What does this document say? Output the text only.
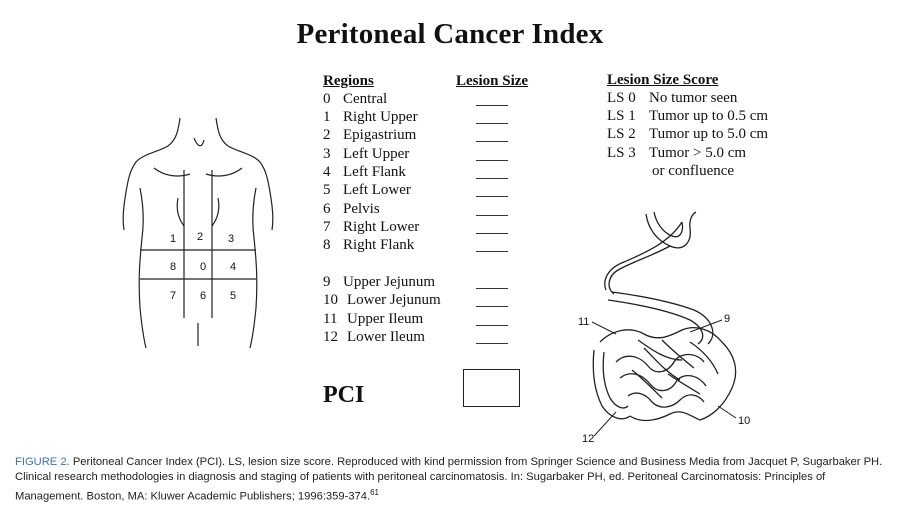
Peritoneal Cancer Index
Regions	Lesion Size	Lesion Size Score
0 Central
1 Right Upper
2 Epigastrium
3 Left Upper
4 Left Flank
5 Left Lower
6 Pelvis
7 Right Lower
8 Right Flank
9 Upper Jejunum
10 Lower Jejunum
11 Upper Ileum
12 Lower Ileum
LS 0 No tumor seen
LS 1 Tumor up to 0.5 cm
LS 2 Tumor up to 5.0 cm
LS 3 Tumor > 5.0 cm
or confluence
PCI
1 2 3
8 0 4
7 6 5
11	9
10
12
FIGURE 2. Peritoneal Cancer Index (PCI). LS, lesion size score. Reproduced with kind permission from Springer Science and Business Media from Jacquet P, Sugarbaker PH. Clinical research methodologies in diagnosis and staging of patients with peritoneal carcinomatosis. In: Sugarbaker PH, ed. Peritoneal Carcinomatosis: Principles of Management. Boston, MA: Kluwer Academic Publishers; 1996:359-374.61
